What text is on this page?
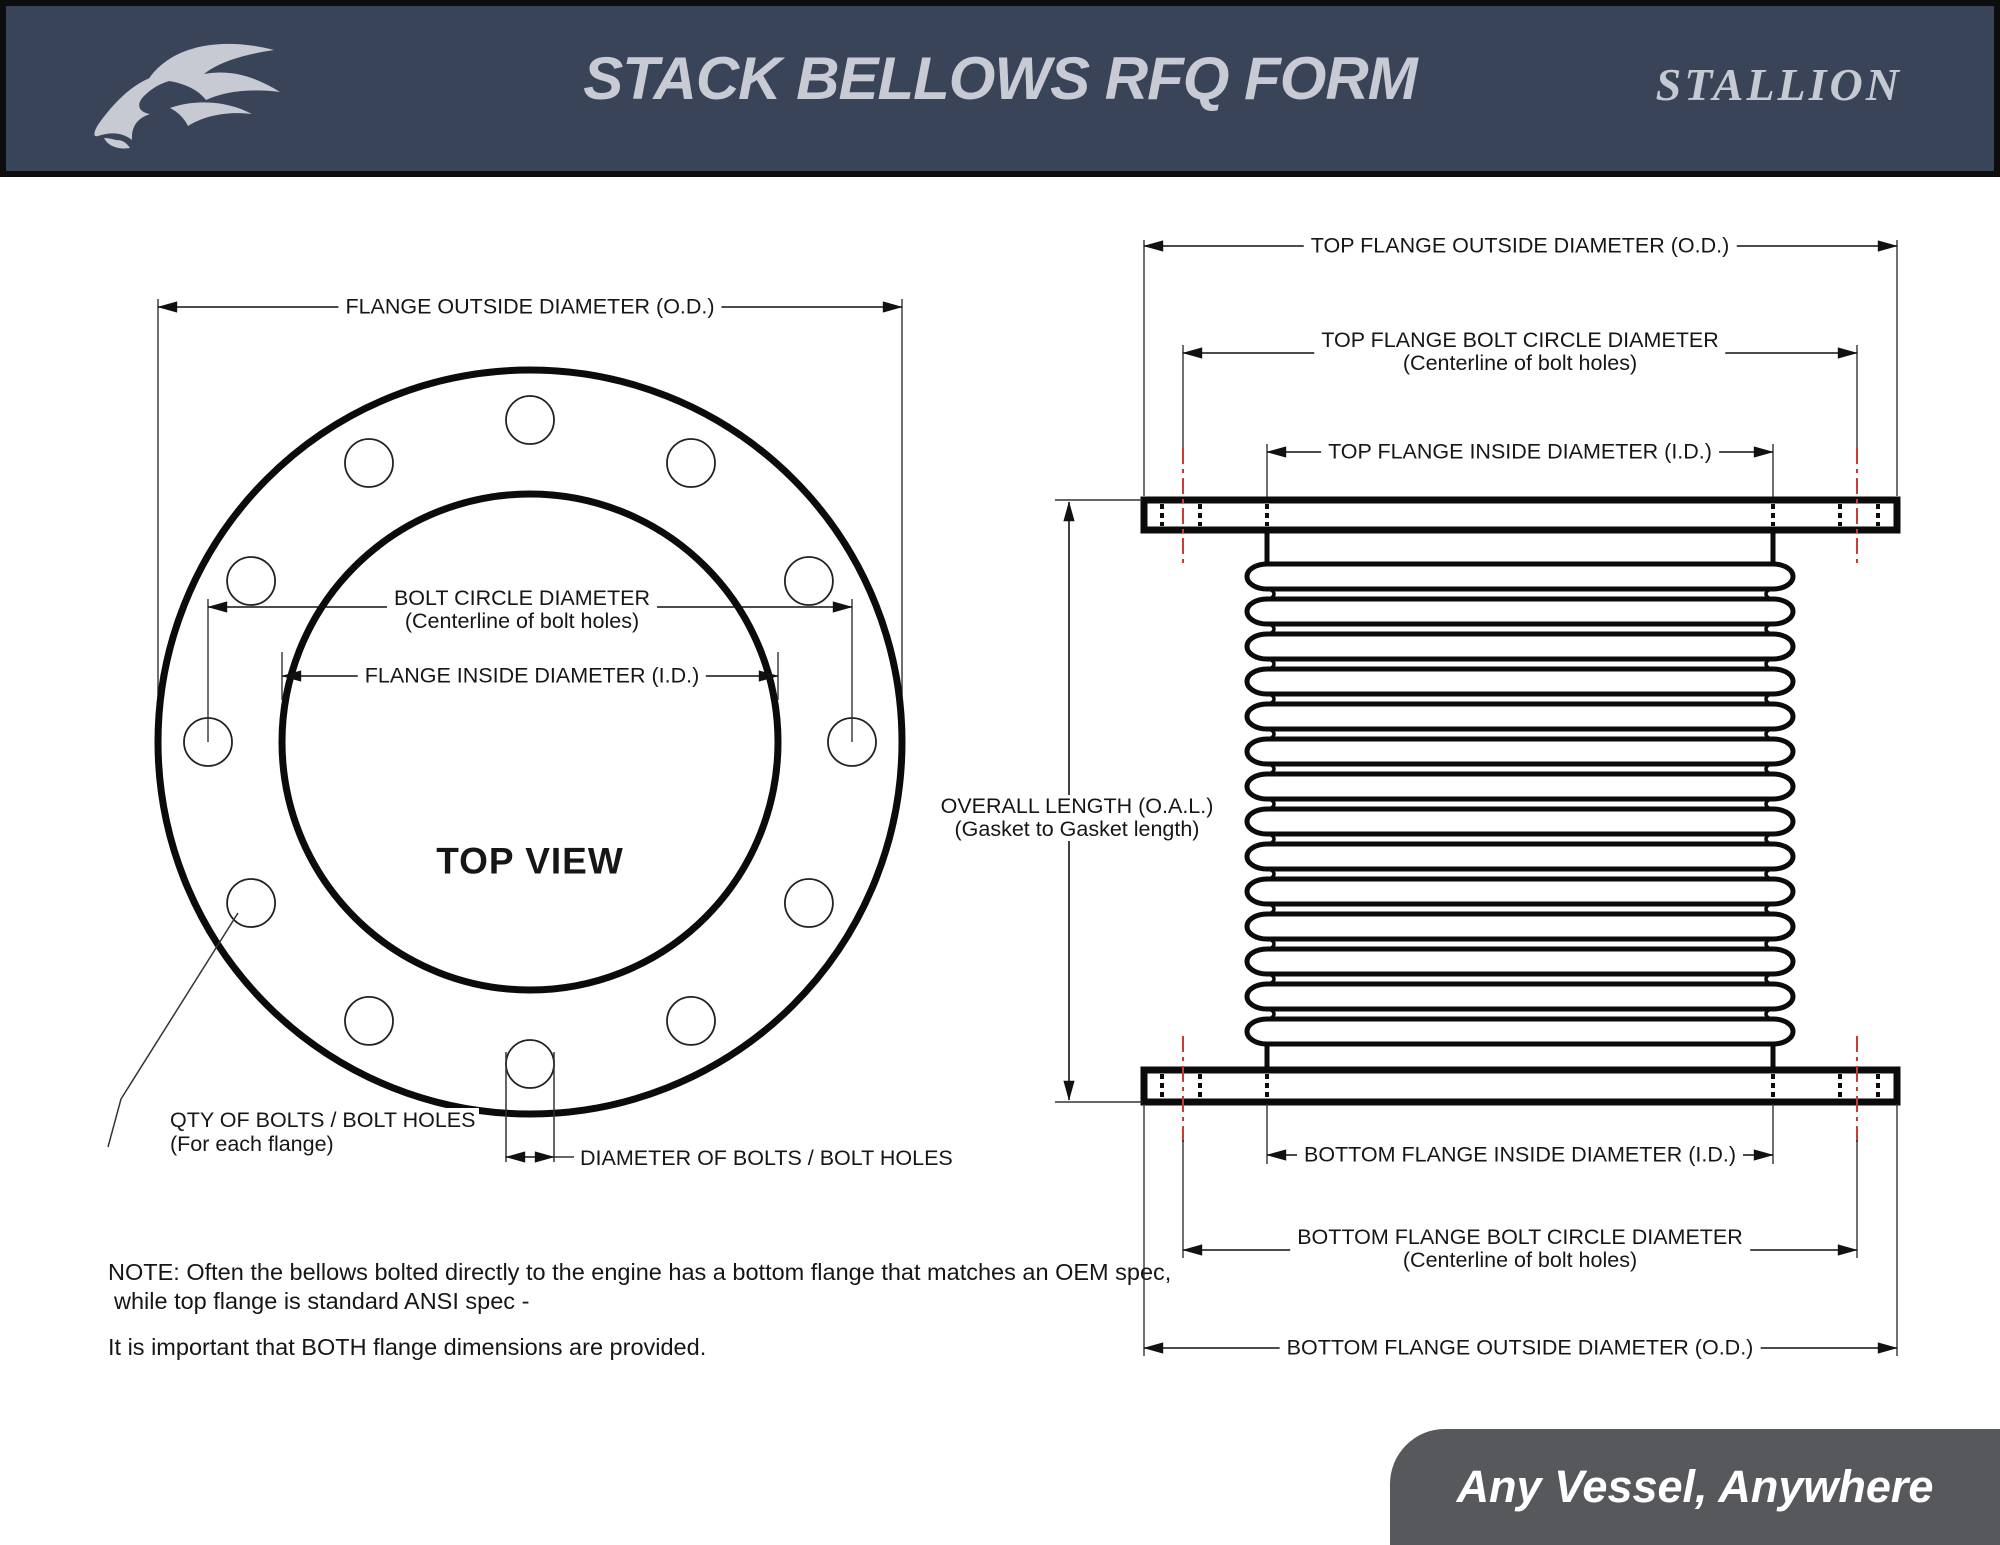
STACK BELLOWS RFQ FORM	STALLION
FLANGE OUTSIDE DIAMETER (O.D.)
BOLT CIRCLE DIAMETER
(Centerline of bolt holes)
FLANGE INSIDE DIAMETER (I.D.)
TOP VIEW
QTY OF BOLTS / BOLT HOLES
(For each flange)
DIAMETER OF BOLTS / BOLT HOLES
TOP FLANGE OUTSIDE DIAMETER (O.D.)
TOP FLANGE BOLT CIRCLE DIAMETER
(Centerline of bolt holes)
TOP FLANGE INSIDE DIAMETER (I.D.)
OVERALL LENGTH (O.A.L.)
(Gasket to Gasket length)
BOTTOM FLANGE INSIDE DIAMETER (I.D.)
BOTTOM FLANGE BOLT CIRCLE DIAMETER
(Centerline of bolt holes)
BOTTOM FLANGE OUTSIDE DIAMETER (O.D.)
NOTE: Often the bellows bolted directly to the engine has a bottom flange that matches an OEM spec,
while top flange is standard ANSI spec -
It is important that BOTH flange dimensions are provided.
Any Vessel, Anywhere
